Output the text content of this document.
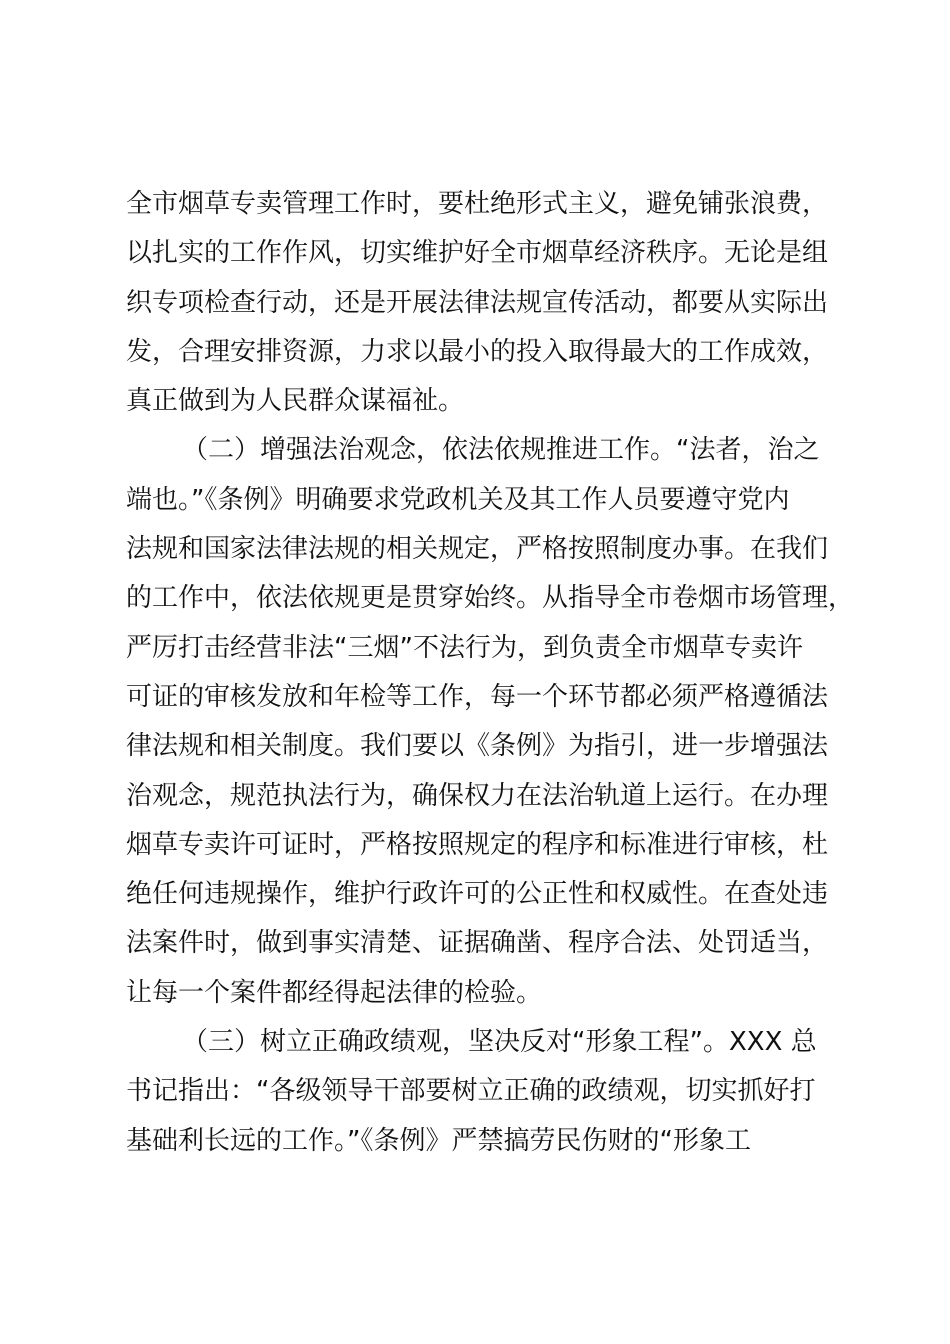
全市烟草专卖管理工作时，要杜绝形式主义，避免铺张浪费，
以扎实的工作作风，切实维护好全市烟草经济秩序。无论是组
织专项检查行动，还是开展法律法规宣传活动，都要从实际出
发，合理安排资源，力求以最小的投入取得最大的工作成效，
真正做到为人民群众谋福祉。
（二）增强法治观念，依法依规推进工作。“法者，治之
端也。”《条例》明确要求党政机关及其工作人员要遵守党内
法规和国家法律法规的相关规定，严格按照制度办事。在我们
的工作中，依法依规更是贯穿始终。从指导全市卷烟市场管理，
严厉打击经营非法“三烟”不法行为，到负责全市烟草专卖许
可证的审核发放和年检等工作，每一个环节都必须严格遵循法
律法规和相关制度。我们要以《条例》为指引，进一步增强法
治观念，规范执法行为，确保权力在法治轨道上运行。在办理
烟草专卖许可证时，严格按照规定的程序和标准进行审核，杜
绝任何违规操作，维护行政许可的公正性和权威性。在查处违
法案件时，做到事实清楚、证据确凿、程序合法、处罚适当，
让每一个案件都经得起法律的检验。
（三）树立正确政绩观，坚决反对“形象工程”。XXX 总
书记指出：“各级领导干部要树立正确的政绩观，切实抓好打
基础利长远的工作。”《条例》严禁搞劳民伤财的“形象工
